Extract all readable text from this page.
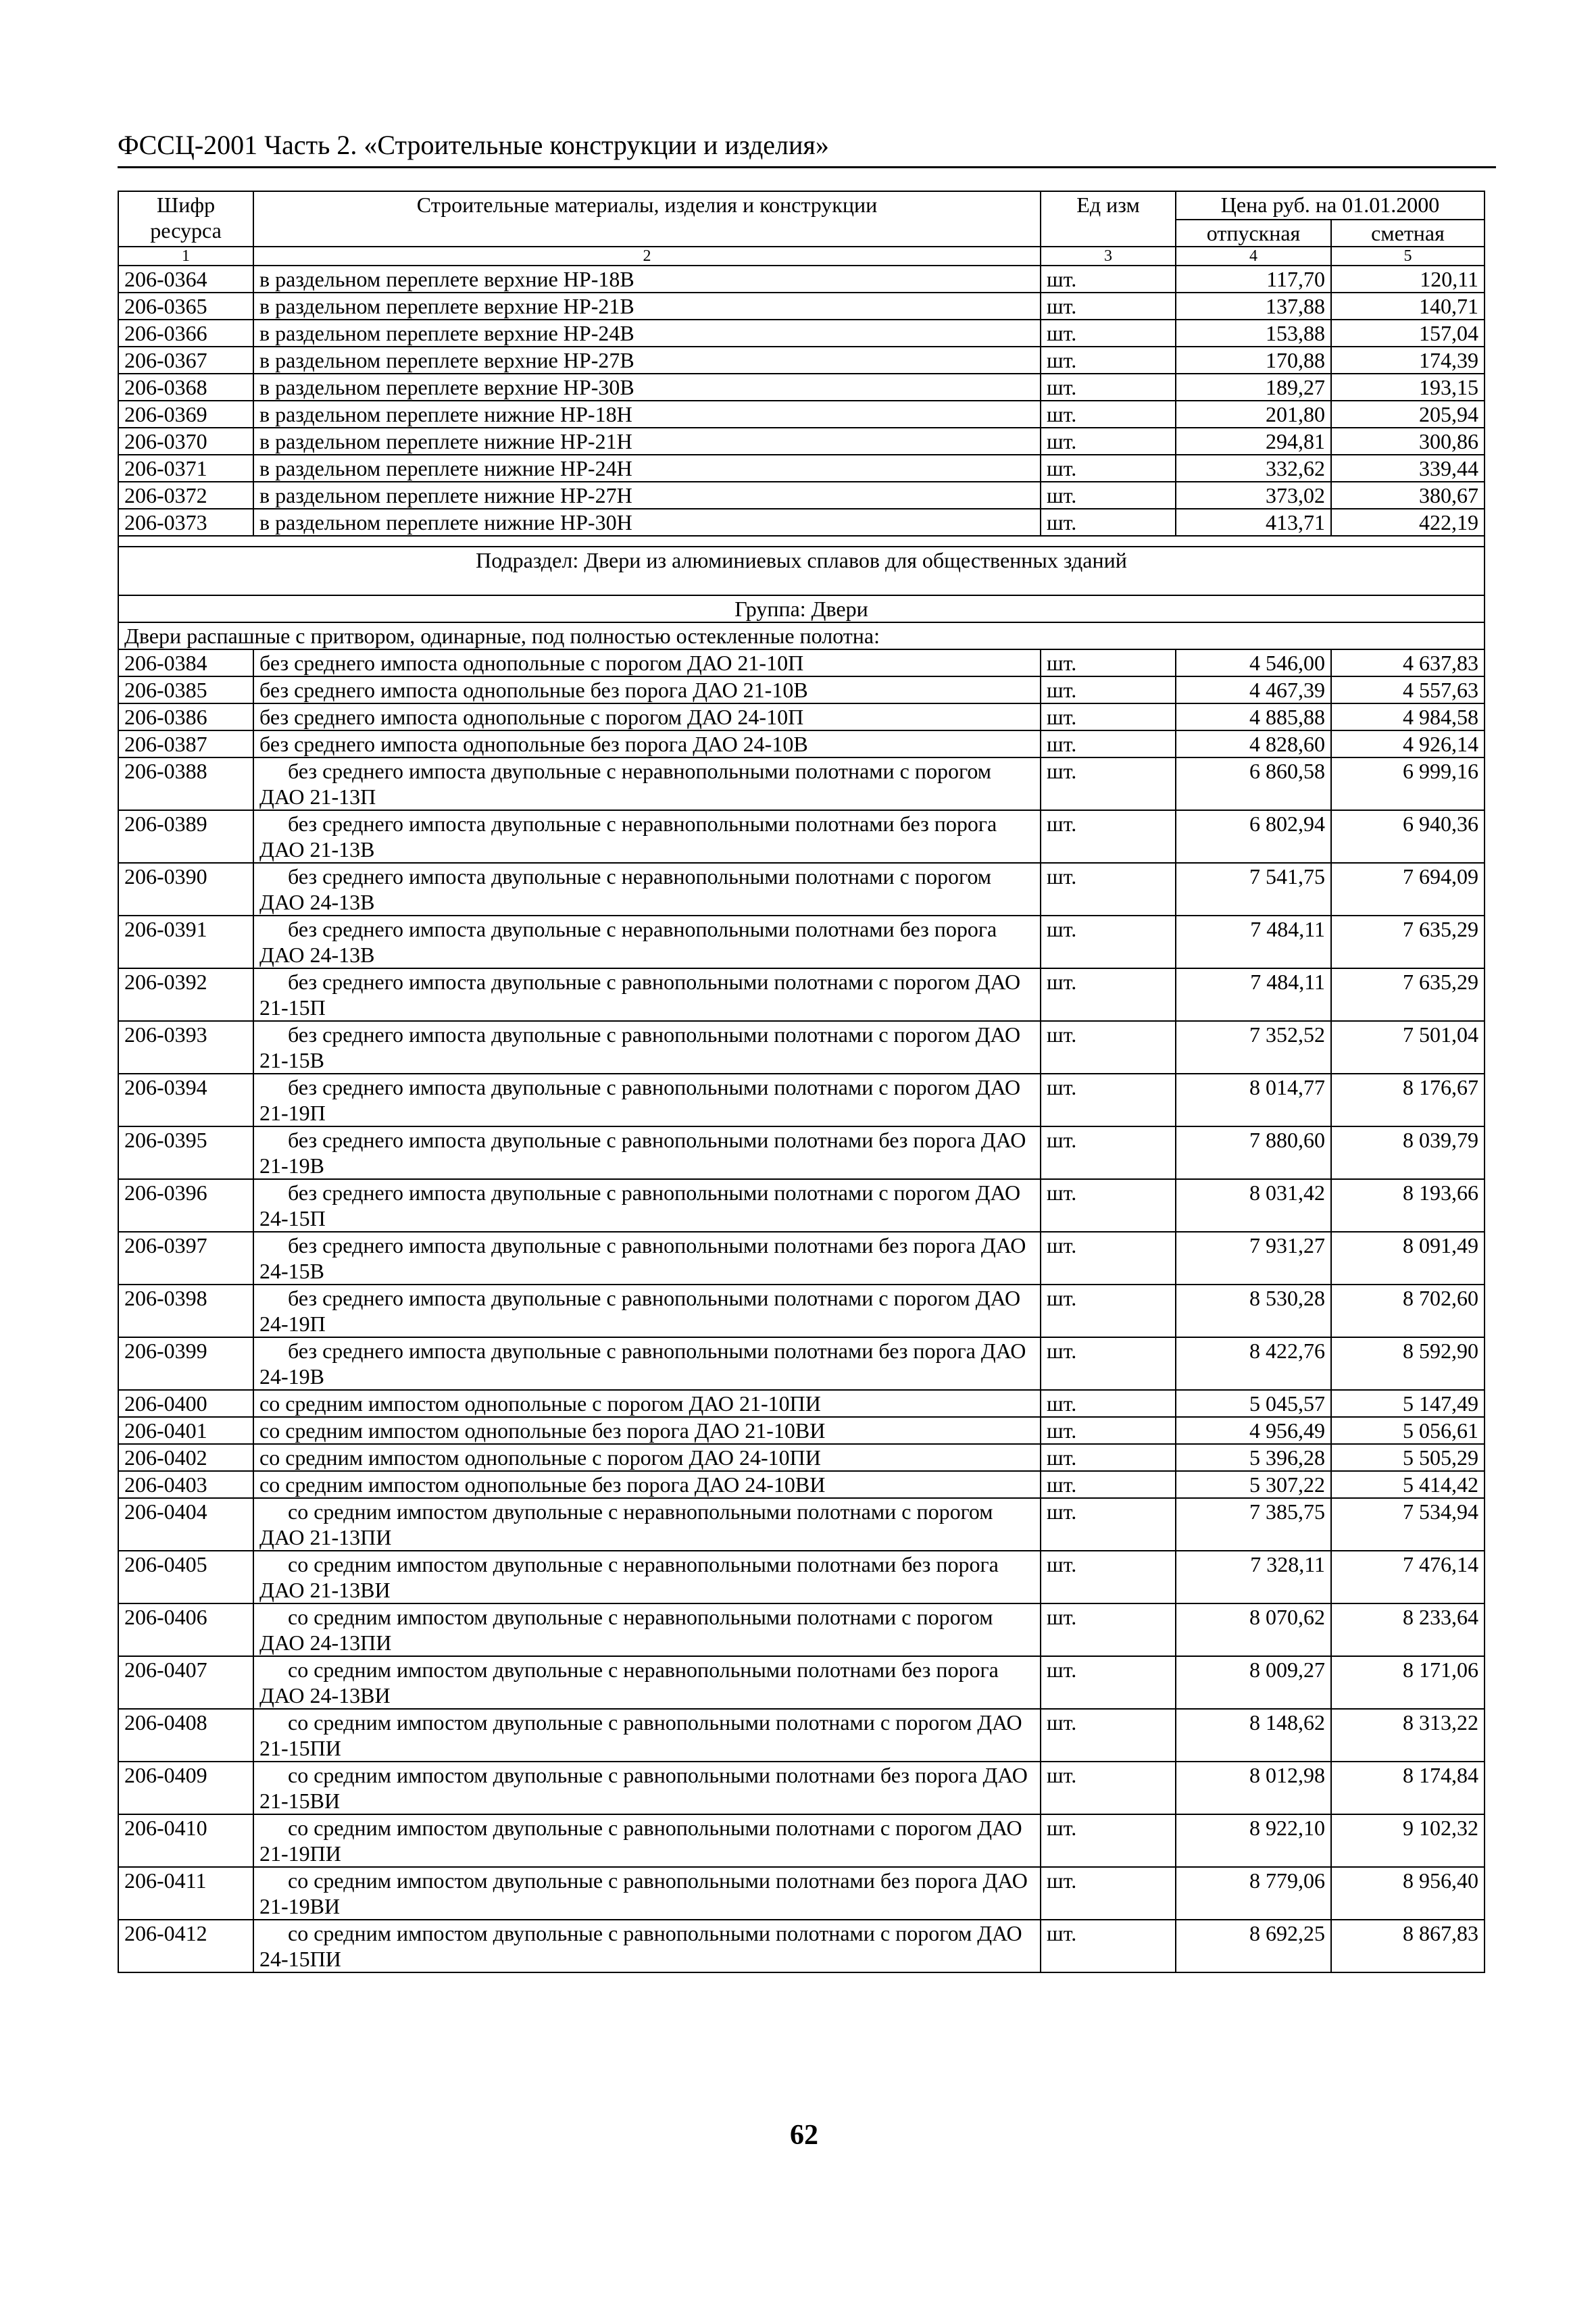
ФССЦ-2001 Часть 2. «Строительные конструкции и изделия»
Шифр ресурса	Строительные материалы, изделия и конструкции	Ед изм	Цена руб. на 01.01.2000	
			отпускная	сметная
1	2	3	4	5
206-0364	в раздельном переплете верхние НР-18В	шт.	117,70	120,11
206-0365	в раздельном переплете верхние НР-21В	шт.	137,88	140,71
206-0366	в раздельном переплете верхние НР-24В	шт.	153,88	157,04
206-0367	в раздельном переплете верхние НР-27В	шт.	170,88	174,39
206-0368	в раздельном переплете верхние НР-30В	шт.	189,27	193,15
206-0369	в раздельном переплете нижние НР-18Н	шт.	201,80	205,94
206-0370	в раздельном переплете нижние НР-21Н	шт.	294,81	300,86
206-0371	в раздельном переплете нижние НР-24Н	шт.	332,62	339,44
206-0372	в раздельном переплете нижние НР-27Н	шт.	373,02	380,67
206-0373	в раздельном переплете нижние НР-30Н	шт.	413,71	422,19

Подраздел: Двери из алюминиевых сплавов для общественных зданий				
Группа: Двери				
Двери распашные с притвором, одинарные, под полностью остекленные полотна:				
206-0384	без среднего импоста однопольные с порогом ДАО 21-10П	шт.	4 546,00	4 637,83
206-0385	без среднего импоста однопольные без порога ДАО 21-10В	шт.	4 467,39	4 557,63
206-0386	без среднего импоста однопольные с порогом ДАО 24-10П	шт.	4 885,88	4 984,58
206-0387	без среднего импоста однопольные без порога ДАО 24-10В	шт.	4 828,60	4 926,14
206-0388	без среднего импоста двупольные с неравнопольными полотнами с порогом ДАО 21-13П	шт.	6 860,58	6 999,16
206-0389	без среднего импоста двупольные с неравнопольными полотнами без порога ДАО 21-13В	шт.	6 802,94	6 940,36
206-0390	без среднего импоста двупольные с неравнопольными полотнами с порогом ДАО 24-13В	шт.	7 541,75	7 694,09
206-0391	без среднего импоста двупольные с неравнопольными полотнами без порога ДАО 24-13В	шт.	7 484,11	7 635,29
206-0392	без среднего импоста двупольные с равнопольными полотнами с порогом ДАО 21-15П	шт.	7 484,11	7 635,29
206-0393	без среднего импоста двупольные с равнопольными полотнами с порогом ДАО 21-15В	шт.	7 352,52	7 501,04
206-0394	без среднего импоста двупольные с равнопольными полотнами с порогом ДАО 21-19П	шт.	8 014,77	8 176,67
206-0395	без среднего импоста двупольные с равнопольными полотнами без порога ДАО 21-19В	шт.	7 880,60	8 039,79
206-0396	без среднего импоста двупольные с равнопольными полотнами с порогом ДАО 24-15П	шт.	8 031,42	8 193,66
206-0397	без среднего импоста двупольные с равнопольными полотнами без порога ДАО 24-15В	шт.	7 931,27	8 091,49
206-0398	без среднего импоста двупольные с равнопольными полотнами с порогом ДАО 24-19П	шт.	8 530,28	8 702,60
206-0399	без среднего импоста двупольные с равнопольными полотнами без порога ДАО 24-19В	шт.	8 422,76	8 592,90
206-0400	со средним импостом однопольные с порогом ДАО 21-10ПИ	шт.	5 045,57	5 147,49
206-0401	со средним импостом однопольные без порога ДАО 21-10ВИ	шт.	4 956,49	5 056,61
206-0402	со средним импостом однопольные с порогом ДАО 24-10ПИ	шт.	5 396,28	5 505,29
206-0403	со средним импостом однопольные без порога ДАО 24-10ВИ	шт.	5 307,22	5 414,42
206-0404	со средним импостом двупольные с неравнопольными полотнами с порогом ДАО 21-13ПИ	шт.	7 385,75	7 534,94
206-0405	со средним импостом двупольные с неравнопольными полотнами без порога ДАО 21-13ВИ	шт.	7 328,11	7 476,14
206-0406	со средним импостом двупольные с неравнопольными полотнами с порогом ДАО 24-13ПИ	шт.	8 070,62	8 233,64
206-0407	со средним импостом двупольные с неравнопольными полотнами без порога ДАО 24-13ВИ	шт.	8 009,27	8 171,06
206-0408	со средним импостом двупольные с равнопольными полотнами с порогом ДАО 21-15ПИ	шт.	8 148,62	8 313,22
206-0409	со средним импостом двупольные с равнопольными полотнами без порога ДАО 21-15ВИ	шт.	8 012,98	8 174,84
206-0410	со средним импостом двупольные с равнопольными полотнами с порогом ДАО 21-19ПИ	шт.	8 922,10	9 102,32
206-0411	со средним импостом двупольные с равнопольными полотнами без порога ДАО 21-19ВИ	шт.	8 779,06	8 956,40
206-0412	со средним импостом двупольные с равнопольными полотнами с порогом ДАО 24-15ПИ	шт.	8 692,25	8 867,83
62
